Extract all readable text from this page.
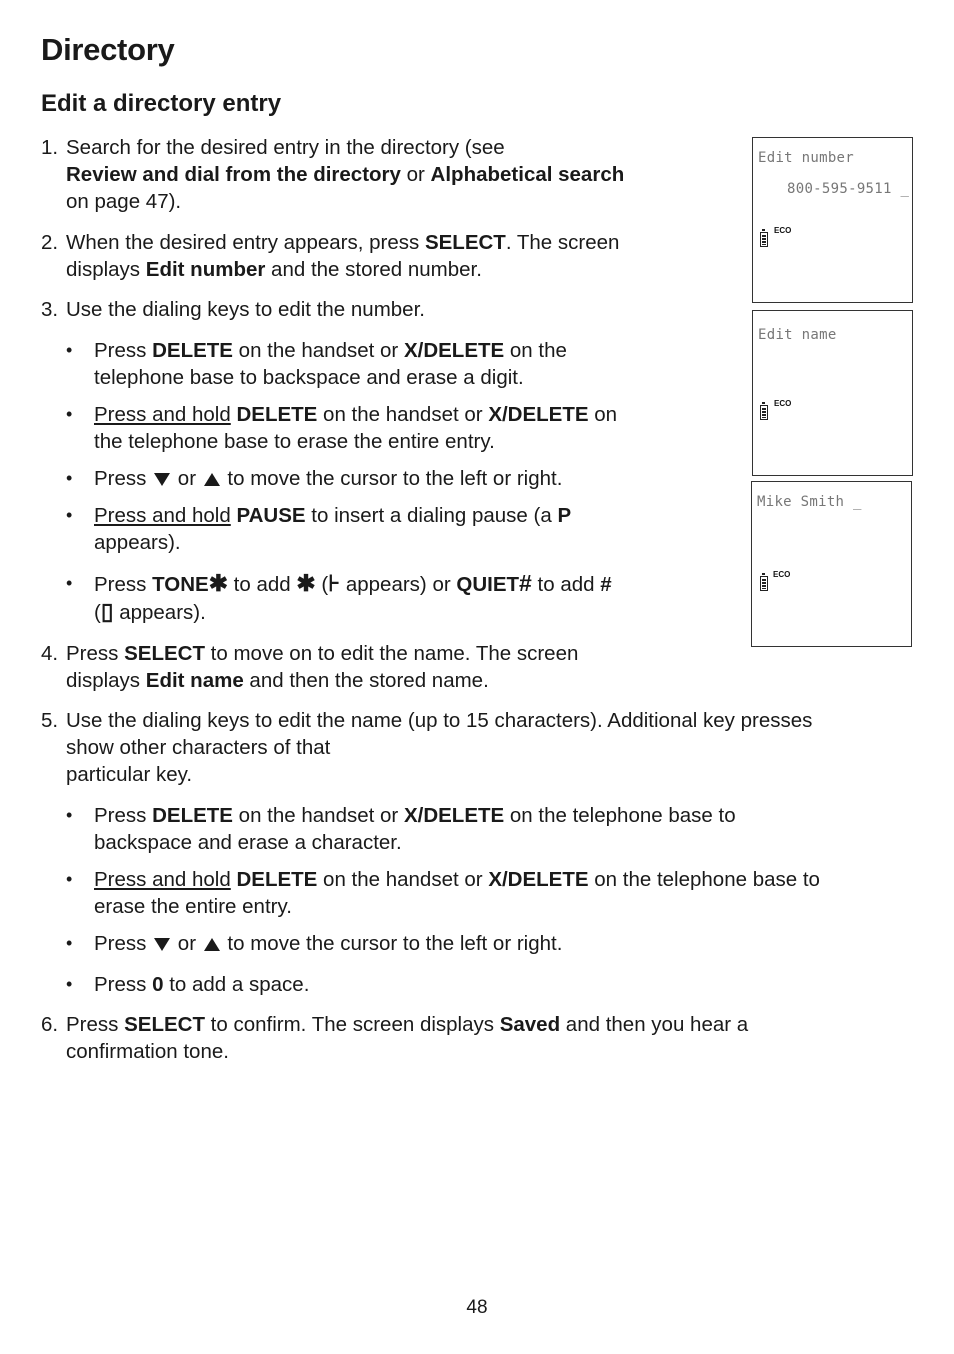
Directory
Edit a directory entry
1. Search for the desired entry in the directory (see
Review and dial from the directory or Alphabetical search
on page 47).
2. When the desired entry appears, press SELECT. The screen
displays Edit number and the stored number.
3. Use the dialing keys to edit the number.
• Press DELETE on the handset or X/DELETE on the
telephone base to backspace and erase a digit.
• Press and hold DELETE on the handset or X/DELETE on
the telephone base to erase the entire entry.
• Press  or  to move the cursor to the left or right.
• Press and hold PAUSE to insert a dialing pause (a P
appears).
• Press TONE✱ to add ✱ (⊦ appears) or QUIET# to add #
(▯ appears).
4. Press SELECT to move on to edit the name. The screen
displays Edit name and then the stored name.
5. Use the dialing keys to edit the name (up to 15 characters). Additional key presses
show other characters of that
particular key.
• Press DELETE on the handset or X/DELETE on the telephone base to
backspace and erase a character.
• Press and hold DELETE on the handset or X/DELETE on the telephone base to
erase the entire entry.
• Press  or  to move the cursor to the left or right.
• Press 0 to add a space.
6. Press SELECT to confirm. The screen displays Saved and then you hear a
confirmation tone.
Edit number
800-595-9511 _
ECO
Edit name
ECO
Mike Smith _
ECO
48
